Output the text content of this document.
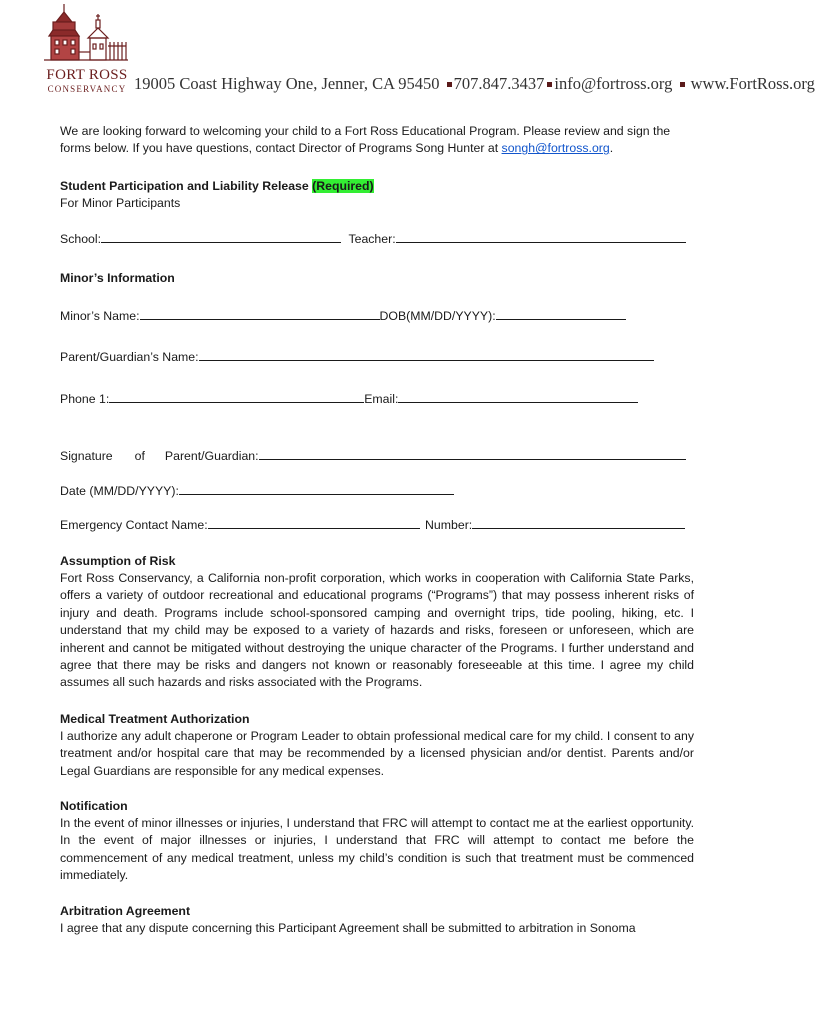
FORT ROSS
CONSERVANCY 19005 Coast Highway One, Jenner, CA 95450 707.847.3437 info@fortross.org www.FortRoss.org
We are looking forward to welcoming your child to a Fort Ross Educational Program. Please review and sign the forms below. If you have questions, contact Director of Programs Song Hunter at songh@fortross.org.
Student Participation and Liability Release (Required)
For Minor Participants
School:	Teacher:
Minor’s Information
Minor’s Name:	DOB(MM/DD/YYYY):
Parent/Guardian’s Name:
Phone 1:	Email:
Signature of Parent/Guardian:
Date (MM/DD/YYYY):
Emergency Contact Name:	Number:
Assumption of Risk
Fort Ross Conservancy, a California non-profit corporation, which works in cooperation with California State Parks, offers a variety of outdoor recreational and educational programs (“Programs”) that may possess inherent risks of injury and death. Programs include school-sponsored camping and overnight trips, tide pooling, hiking, etc. I understand that my child may be exposed to a variety of hazards and risks, foreseen or unforeseen, which are inherent and cannot be mitigated without destroying the unique character of the Programs. I further understand and agree that there may be risks and dangers not known or reasonably foreseeable at this time. I agree my child assumes all such hazards and risks associated with the Programs.
Medical Treatment Authorization
I authorize any adult chaperone or Program Leader to obtain professional medical care for my child. I consent to any treatment and/or hospital care that may be recommended by a licensed physician and/or dentist. Parents and/or Legal Guardians are responsible for any medical expenses.
Notification
In the event of minor illnesses or injuries, I understand that FRC will attempt to contact me at the earliest opportunity. In the event of major illnesses or injuries, I understand that FRC will attempt to contact me before the commencement of any medical treatment, unless my child’s condition is such that treatment must be commenced immediately.
Arbitration Agreement
I agree that any dispute concerning this Participant Agreement shall be submitted to arbitration in Sonoma
